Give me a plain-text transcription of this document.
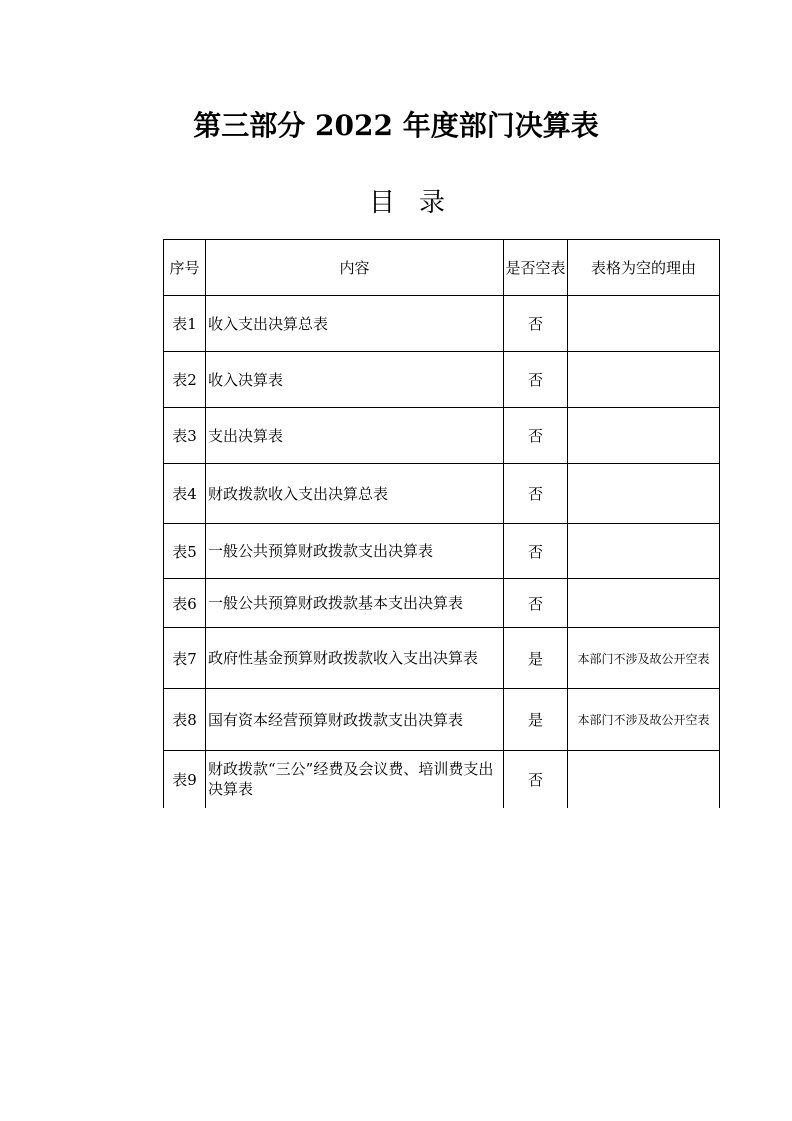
第三部分 2022 年度部门决算表
目录
序号	内容	是否空表	表格为空的理由
表1	收入支出决算总表	否	
表2	收入决算表	否	
表3	支出决算表	否	
表4	财政拨款收入支出决算总表	否	
表5	一般公共预算财政拨款支出决算表	否	
表6	一般公共预算财政拨款基本支出决算表	否	
表7	政府性基金预算财政拨款收入支出决算表	是	本部门不涉及故公开空表
表8	国有资本经营预算财政拨款支出决算表	是	本部门不涉及故公开空表
表9	财政拨款“三公”经费及会议费、培训费支出决算表	否	
